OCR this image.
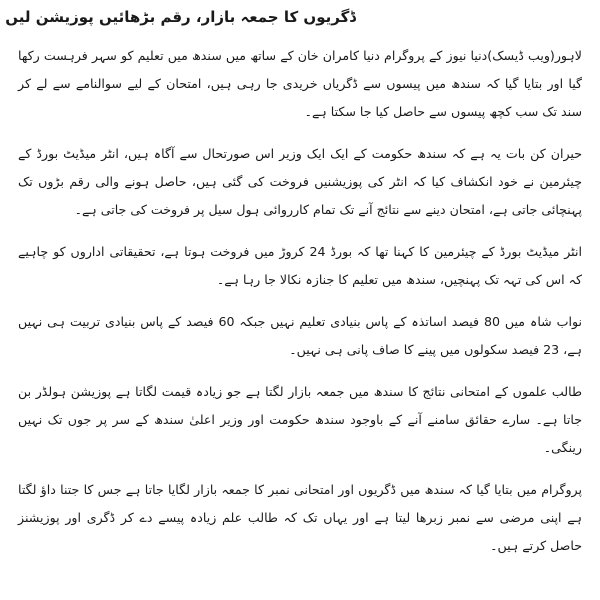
ڈگریوں کا جمعہ بازار، رقم بڑھائیں پوزیشن لیں

لاہور(ویب ڈیسک)دنیا نیوز کے پروگرام دنیا کامران خان کے ساتھ میں سندھ میں تعلیم کو سہر فرہست رکھا گیا اور بتایا گیا کہ سندھ میں پیسوں سے ڈگریاں خریدی جا رہی ہیں، امتحان کے لیے سوالنامے سے لے کر سند تک سب کچھ پیسوں سے حاصل کیا جا سکتا ہے۔

حیران کن بات یہ ہے کہ سندھ حکومت کے ایک ایک وزیر اس صورتحال سے آگاہ ہیں، انٹر میڈیٹ بورڈ کے چیئرمین نے خود انکشاف کیا کہ انٹر کی پوزیشنیں فروخت کی گئی ہیں، حاصل ہونے والی رقم بڑوں تک پہنچائی جاتی ہے، امتحان دینے سے نتائج آنے تک تمام کارروائی ہول سیل پر فروخت کی جاتی ہے۔

انٹر میڈیٹ بورڈ کے چیئرمین کا کہنا تھا کہ بورڈ 24 کروڑ میں فروخت ہوتا ہے، تحقیقاتی اداروں کو چاہیے کہ اس کی تہہ تک پہنچیں، سندھ میں تعلیم کا جنازہ نکالا جا رہا ہے۔

نواب شاہ میں 80 فیصد اساتذہ کے پاس بنیادی تعلیم نہیں جبکہ 60 فیصد کے پاس بنیادی تربیت ہی نہیں ہے، 23 فیصد سکولوں میں پینے کا صاف پانی ہی نہیں۔

طالب علموں کے امتحانی نتائج کا سندھ میں جمعہ بازار لگتا ہے جو زیادہ قیمت لگاتا ہے پوزیشن ہولڈر بن جاتا ہے۔ سارے حقائق سامنے آنے کے باوجود سندھ حکومت اور وزیر اعلیٰ سندھ کے سر پر جوں تک نہیں رینگی۔

پروگرام میں بتایا گیا کہ سندھ میں ڈگریوں اور امتحانی نمبر کا جمعہ بازار لگایا جاتا ہے جس کا جتنا داؤ لگتا ہے اپنی مرضی سے نمبر زبرھا لیتا ہے اور یہاں تک کہ طالب علم زیادہ پیسے دے کر ڈگری اور پوزیشنز حاصل کرتے ہیں۔
